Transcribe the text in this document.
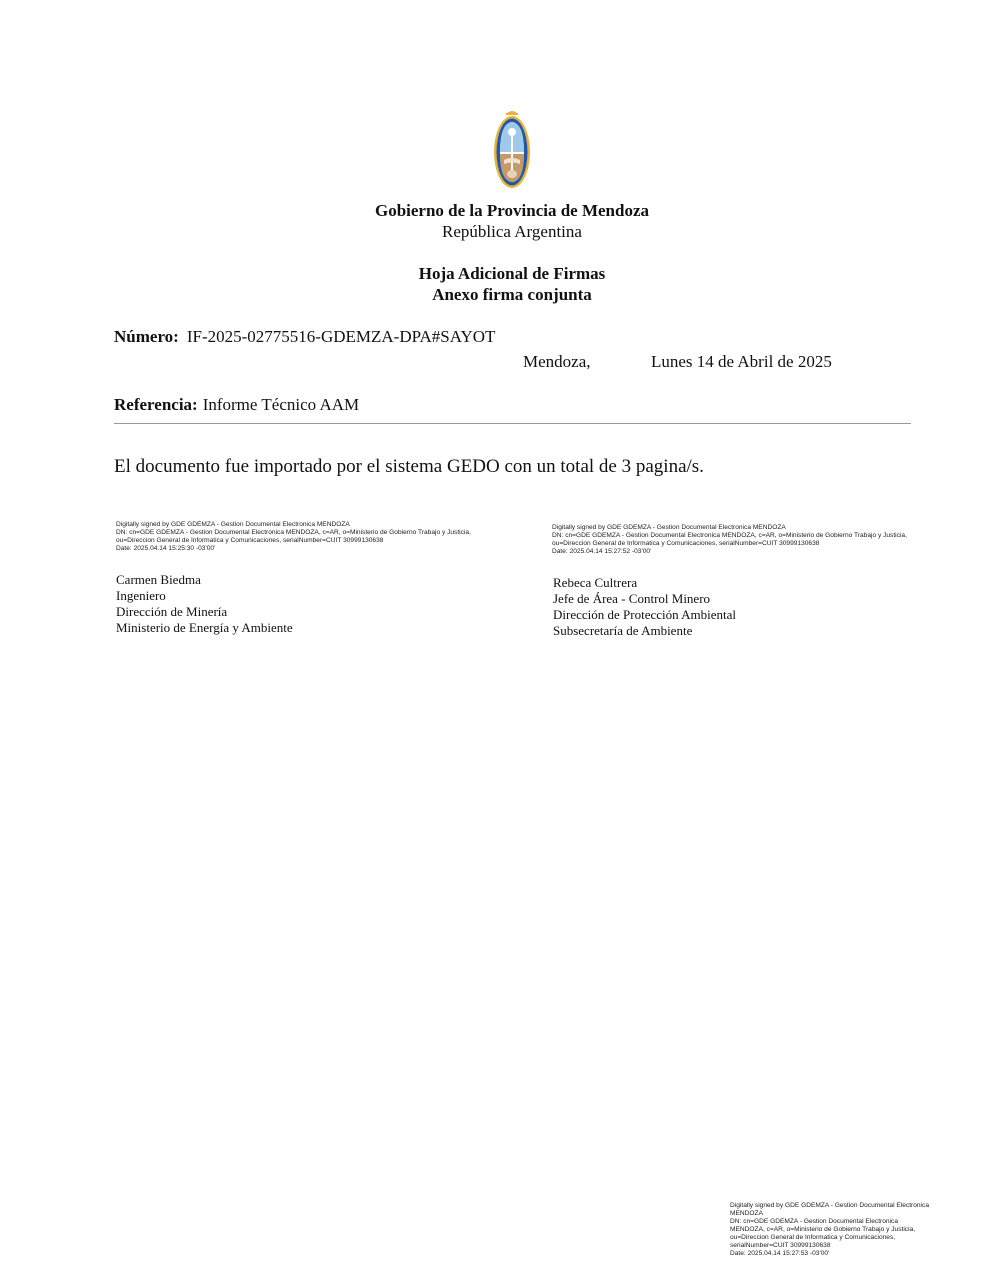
Gobierno de la Provincia de Mendoza
República Argentina
Hoja Adicional de Firmas
Anexo firma conjunta
Número: IF-2025-02775516-GDEMZA-DPA#SAYOT
Mendoza,	Lunes 14 de Abril de 2025
Referencia: Informe Técnico AAM
El documento fue importado por el sistema GEDO con un total de 3 pagina/s.
Digitally signed by GDE GDEMZA - Gestion Documental Electronica MENDOZA
DN: cn=GDE GDEMZA - Gestion Documental Electronica MENDOZA, c=AR, o=Ministerio de Gobierno Trabajo y Justicia,
ou=Direccion General de Informatica y Comunicaciones, serialNumber=CUIT 30999130638
Date: 2025.04.14 15:25:30 -03'00'
Digitally signed by GDE GDEMZA - Gestion Documental Electronica MENDOZA
DN: cn=GDE GDEMZA - Gestion Documental Electronica MENDOZA, c=AR, o=Ministerio de Gobierno Trabajo y Justicia,
ou=Direccion General de Informatica y Comunicaciones, serialNumber=CUIT 30999130638
Date: 2025.04.14 15:27:52 -03'00'
Carmen Biedma
Ingeniero
Dirección de Minería
Ministerio de Energía y Ambiente
Rebeca Cultrera
Jefe de Área - Control Minero
Dirección de Protección Ambiental
Subsecretaría de Ambiente
Digitally signed by GDE GDEMZA - Gestion Documental Electronica
MENDOZA
DN: cn=GDE GDEMZA - Gestion Documental Electronica
MENDOZA, c=AR, o=Ministerio de Gobierno Trabajo y Justicia,
ou=Direccion General de Informatica y Comunicaciones,
serialNumber=CUIT 30999130638
Date: 2025.04.14 15:27:53 -03'00'
